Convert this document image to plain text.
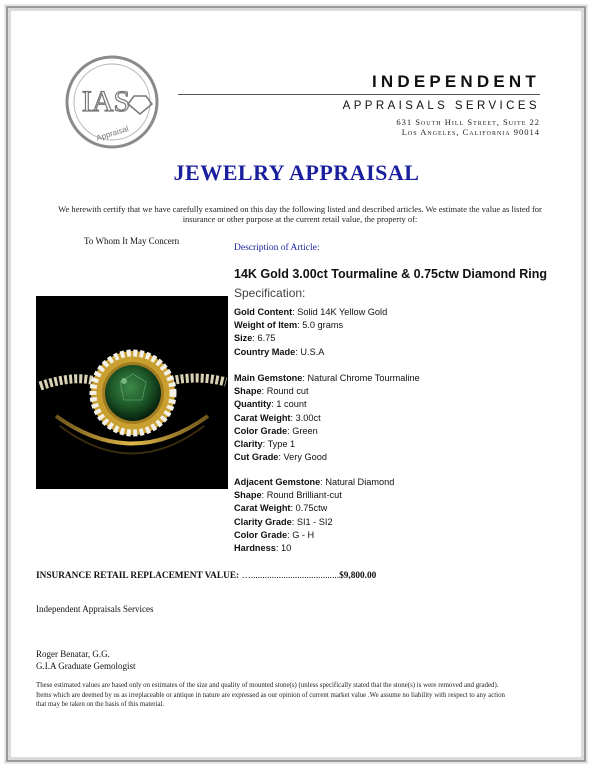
IAS
Appraisal
INDEPENDENT
APPRAISALS SERVICES
631 South Hill Street, Suite 22
Los Angeles, California 90014
JEWELRY APPRAISAL
We herewith certify that we have carefully examined on this day the following listed and described articles. We estimate the value as listed for insurance or other purpose at the current retail value, the property of:
To Whom It May Concern
Description of Article:
14K Gold 3.00ct Tourmaline & 0.75ctw Diamond Ring
Specification:
Gold Content: Solid 14K Yellow Gold
Weight of Item: 5.0 grams
Size: 6.75
Country Made: U.S.A
Main Gemstone: Natural Chrome Tourmaline
Shape: Round cut
Quantity: 1 count
Carat Weight: 3.00ct
Color Grade: Green
Clarity: Type 1
Cut Grade: Very Good
Adjacent Gemstone: Natural Diamond
Shape: Round Brilliant-cut
Carat Weight: 0.75ctw
Clarity Grade: SI1 - SI2
Color Grade: G - H
Hardness: 10
INSURANCE RETAIL REPLACEMENT VALUE: …......................................$9,800.00
Independent Appraisals Services
Roger Benatar, G.G.
G.I.A Graduate Gemologist
These estimated values are based only on estimates of the size and quality of mounted stone(s) (unless specifically stated that the stone(s) is were removed and graded). Items which are deemed by us as irreplaceable or antique in nature are expressed as our opinion of current market value .We assume no liability with respect to any action that may be taken on the basis of this material.
